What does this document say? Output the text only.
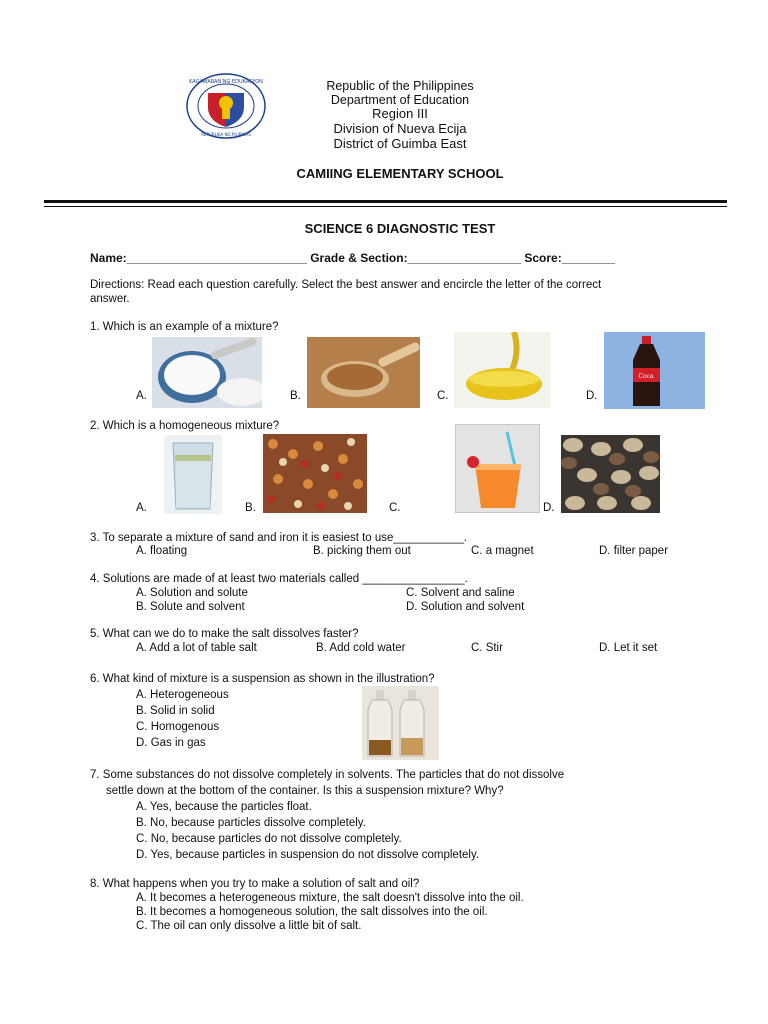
KAGAWARAN NG EDUKASYON
REPUBLIKA NG PILIPINAS
Republic of the Philippines
Department of Education
Region III
Division of Nueva Ecija
District of Guimba East
CAMIING ELEMENTARY SCHOOL
SCIENCE 6 DIAGNOSTIC TEST
Name:___________________________ Grade & Section:_________________ Score:________
Directions: Read each question carefully. Select the best answer and encircle the letter of the correct
answer.
1. Which is an example of a mixture?
A.	B.	C.	D.
Coca
2. Which is a homogeneous mixture?
A.	B.	C.	D.
3. To separate a mixture of sand and iron it is easiest to use___________.
A. floating	B. picking them out	C. a magnet	D. filter paper
4. Solutions are made of at least two materials called ________________.
A. Solution and solute
B. Solute and solvent
C. Solvent and saline
D. Solution and solvent
5. What can we do to make the salt dissolves faster?
A. Add a lot of table salt	B. Add cold water	C. Stir	D. Let it set
6. What kind of mixture is a suspension as shown in the illustration?
A. Heterogeneous
B. Solid in solid
C. Homogenous
D. Gas in gas
7. Some substances do not dissolve completely in solvents. The particles that do not dissolve
settle down at the bottom of the container. Is this a suspension mixture? Why?
A. Yes, because the particles float.
B. No, because particles dissolve completely.
C. No, because particles do not dissolve completely.
D. Yes, because particles in suspension do not dissolve completely.
8. What happens when you try to make a solution of salt and oil?
A. It becomes a heterogeneous mixture, the salt doesn't dissolve into the oil.
B. It becomes a homogeneous solution, the salt dissolves into the oil.
C. The oil can only dissolve a little bit of salt.
